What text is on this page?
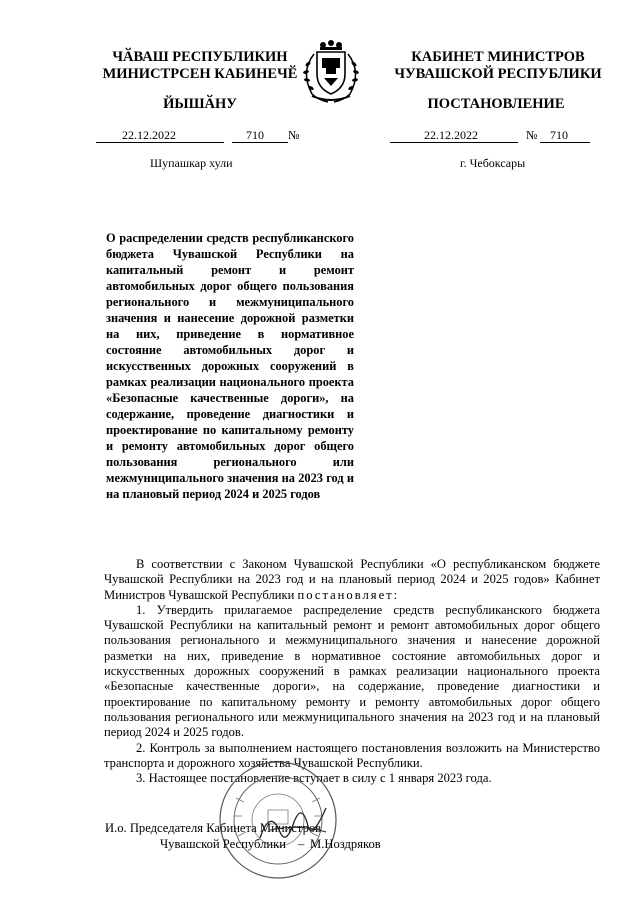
ЧӐВАШ РЕСПУБЛИКИН
МИНИСТРСЕН КАБИНЕЧӖ
КАБИНЕТ МИНИСТРОВ
ЧУВАШСКОЙ РЕСПУБЛИКИ
ЙЫШӐНУ	ПОСТАНОВЛЕНИЕ
22.12.2022	710 №	22.12.2022	№ 710
Шупашкар хули	г. Чебоксары
О распределении средств республиканского бюджета Чувашской Республики на капитальный ремонт и ремонт автомобильных дорог общего пользования регионального и межмуниципального значения и нанесение дорожной разметки на них, приведение в нормативное состояние автомобильных дорог и искусственных дорожных сооружений в рамках реализации национального проекта «Безопасные качественные дороги», на содержание, проведение диагностики и проектирование по капитальному ремонту и ремонту автомобильных дорог общего пользования регионального или межмуниципального значения на 2023 год и на плановый период 2024 и 2025 годов

В соответствии с Законом Чувашской Республики «О республиканском бюджете Чувашской Республики на 2023 год и на плановый период 2024 и 2025 годов» Кабинет Министров Чувашской Республики постановляет:

1. Утвердить прилагаемое распределение средств республиканского бюджета Чувашской Республики на капитальный ремонт и ремонт автомобильных дорог общего пользования регионального и межмуниципального значения и нанесение дорожной разметки на них, приведение в нормативное состояние автомобильных дорог и искусственных дорожных сооружений в рамках реализации национального проекта «Безопасные качественные дороги», на содержание, проведение диагностики и проектирование по капитальному ремонту и ремонту автомобильных дорог общего пользования регионального или межмуниципального значения на 2023 год и на плановый период 2024 и 2025 годов.

2. Контроль за выполнением настоящего постановления возложить на Министерство транспорта и дорожного хозяйства Чувашской Республики.

3. Настоящее постановление вступает в силу с 1 января 2023 года.

И.о. Председателя Кабинета Министров
Чувашской Республики – М.Ноздряков
